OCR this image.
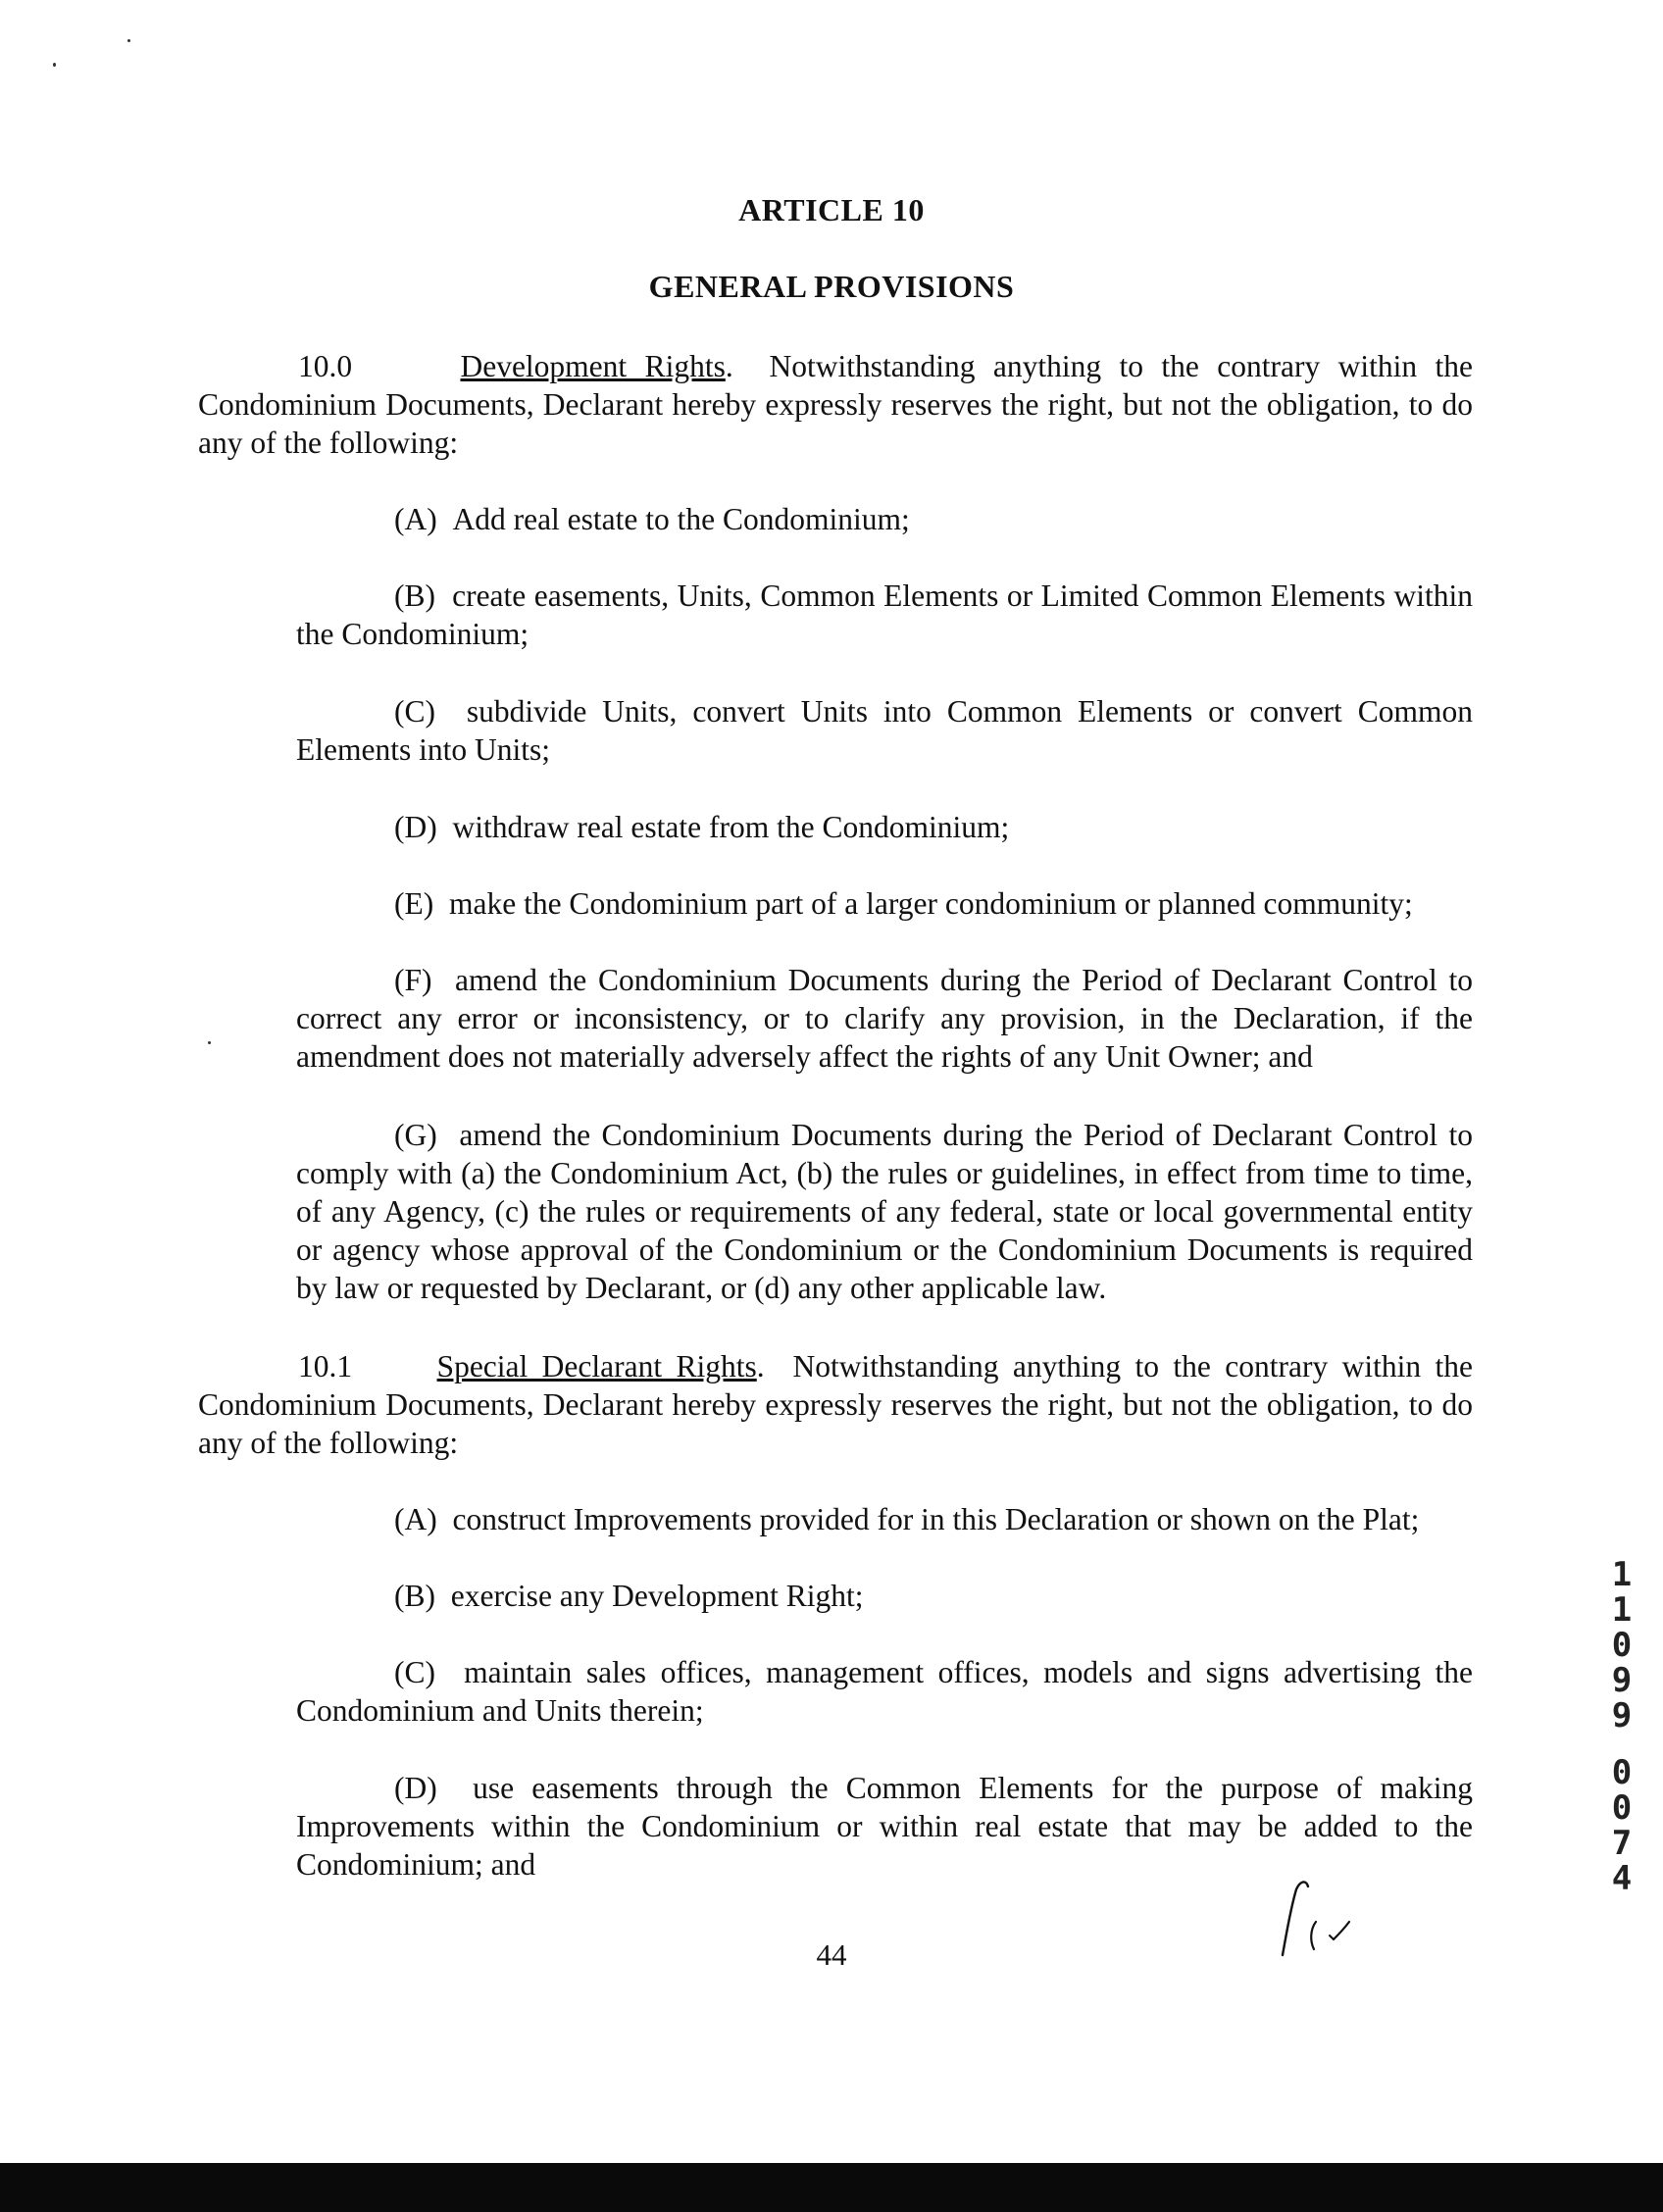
ARTICLE 10
GENERAL PROVISIONS
10.0	Development Rights.  Notwithstanding anything to the contrary within the Condominium Documents, Declarant hereby expressly reserves the right, but not the obligation, to do any of the following:
(A) Add real estate to the Condominium;
(B) create easements, Units, Common Elements or Limited Common Elements within the Condominium;
(C) subdivide Units, convert Units into Common Elements or convert Common Elements into Units;
(D) withdraw real estate from the Condominium;
(E) make the Condominium part of a larger condominium or planned community;
(F) amend the Condominium Documents during the Period of Declarant Control to correct any error or inconsistency, or to clarify any provision, in the Declaration, if the amendment does not materially adversely affect the rights of any Unit Owner; and
(G) amend the Condominium Documents during the Period of Declarant Control to comply with (a) the Condominium Act, (b) the rules or guidelines, in effect from time to time, of any Agency, (c) the rules or requirements of any federal, state or local governmental entity or agency whose approval of the Condominium or the Condominium Documents is required by law or requested by Declarant, or (d) any other applicable law.
10.1	Special Declarant Rights.  Notwithstanding anything to the contrary within the Condominium Documents, Declarant hereby expressly reserves the right, but not the obligation, to do any of the following:
(A) construct Improvements provided for in this Declaration or shown on the Plat;
(B) exercise any Development Right;
(C) maintain sales offices, management offices, models and signs advertising the Condominium and Units therein;
(D) use easements through the Common Elements for the purpose of making Improvements within the Condominium or within real estate that may be added to the Condominium; and
44
1
1
0
9
9
0
0
7
4
